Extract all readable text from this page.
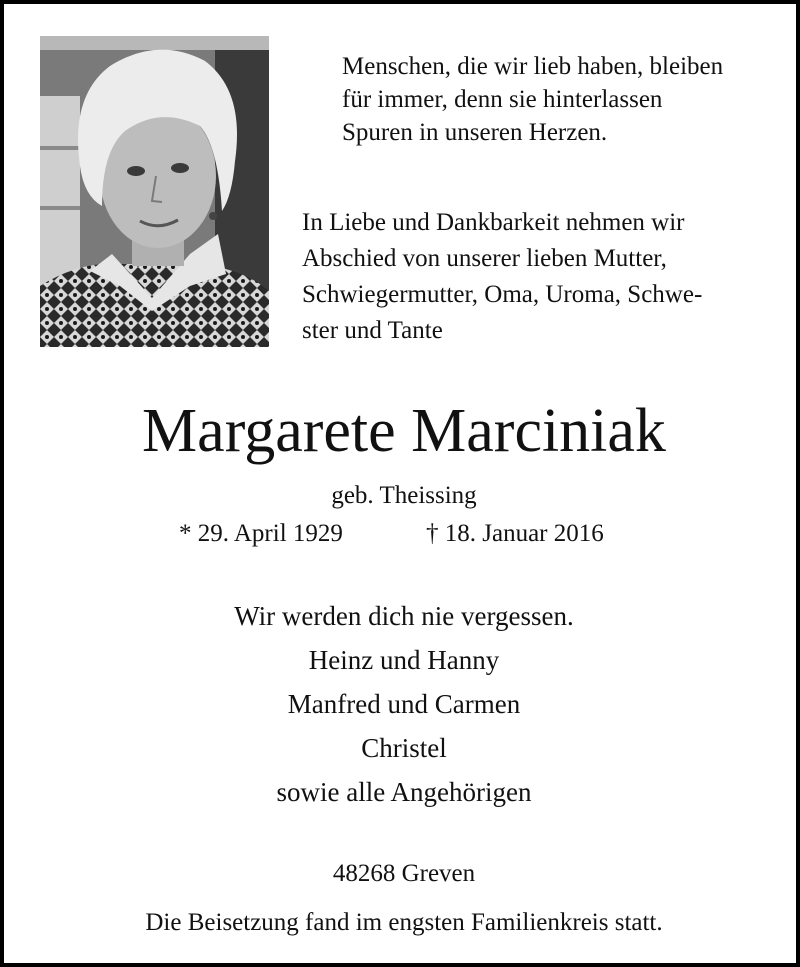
Menschen, die wir lieb haben, bleiben
für immer, denn sie hinterlassen
Spuren in unseren Herzen.
In Liebe und Dankbarkeit nehmen wir
Abschied von unserer lieben Mutter,
Schwiegermutter, Oma, Uroma, Schwe-
ster und Tante
Margarete Marciniak

geb. Theissing

* 29. April 1929	† 18. Januar 2016
Wir werden dich nie vergessen.
Heinz und Hanny
Manfred und Carmen
Christel
sowie alle Angehörigen

48268 Greven

Die Beisetzung fand im engsten Familienkreis statt.
